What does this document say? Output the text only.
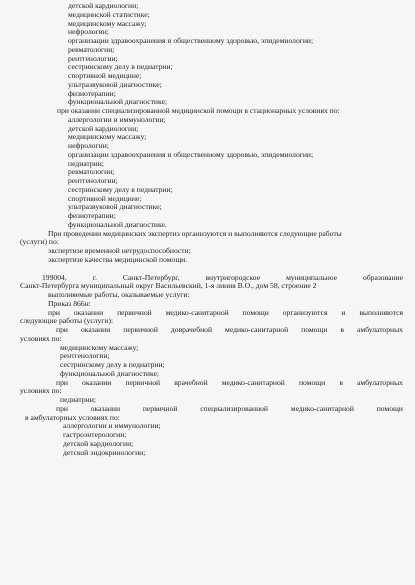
детской кардиологии;
медицинской статистике;
медицинскому массажу;
нефрологии;
организации здравоохранения и общественному здоровью, эпидемиологии;
ревматологии;
рентгенологии;
сестринскому делу в педиатрии;
спортивной медицине;
ультразвуковой диагностике;
физиотерапии;
функциональной диагностике;
при оказании специализированной медицинской помощи в стационарных условиях по:
аллергологии и иммунологии;
детской кардиологии;
медицинскому массажу;
нефрологии;
организации здравоохранения и общественному здоровью, эпидемиологии;
педиатрии;
ревматологии;
рентгенологии;
сестринскому делу в педиатрии;
спортивной медицине;
ультразвуковой диагностике;
физиотерапии;
функциональной диагностике.
При проведении медицинских экспертиз организуются и выполняются следующие работы
(услуги) по:
экспертизе временной нетрудоспособности;
экспертизе качества медицинской помощи.
199004,	г.	Санкт-Петербург,	внутригородское	муниципальное	образование
Санкт-Петербурга муниципальный округ Васильевский, 1-я линия В.О., дом 58, строение 2
выполняемые работы, оказываемые услуги:
Приказ 866н:
при оказании первичной медико-санитарной помощи организуются и выполняются
следующие работы (услуги):
при оказании первичной доврачебной медико-санитарной помощи в амбулаторных
условиях по:
медицинскому массажу;
рентгенологии;
сестринскому делу в педиатрии;
функциональной диагностике;
при оказании первичной врачебной медико-санитарной помощи в амбулаторных
условиях по:
педиатрии;
при	оказании	первичной	специализированной	медико-санитарной	помощи
в амбулаторных условиях по:
аллергологии и иммунологии;
гастроэнтерологии;
детской кардиологии;
детской эндокринологии;
